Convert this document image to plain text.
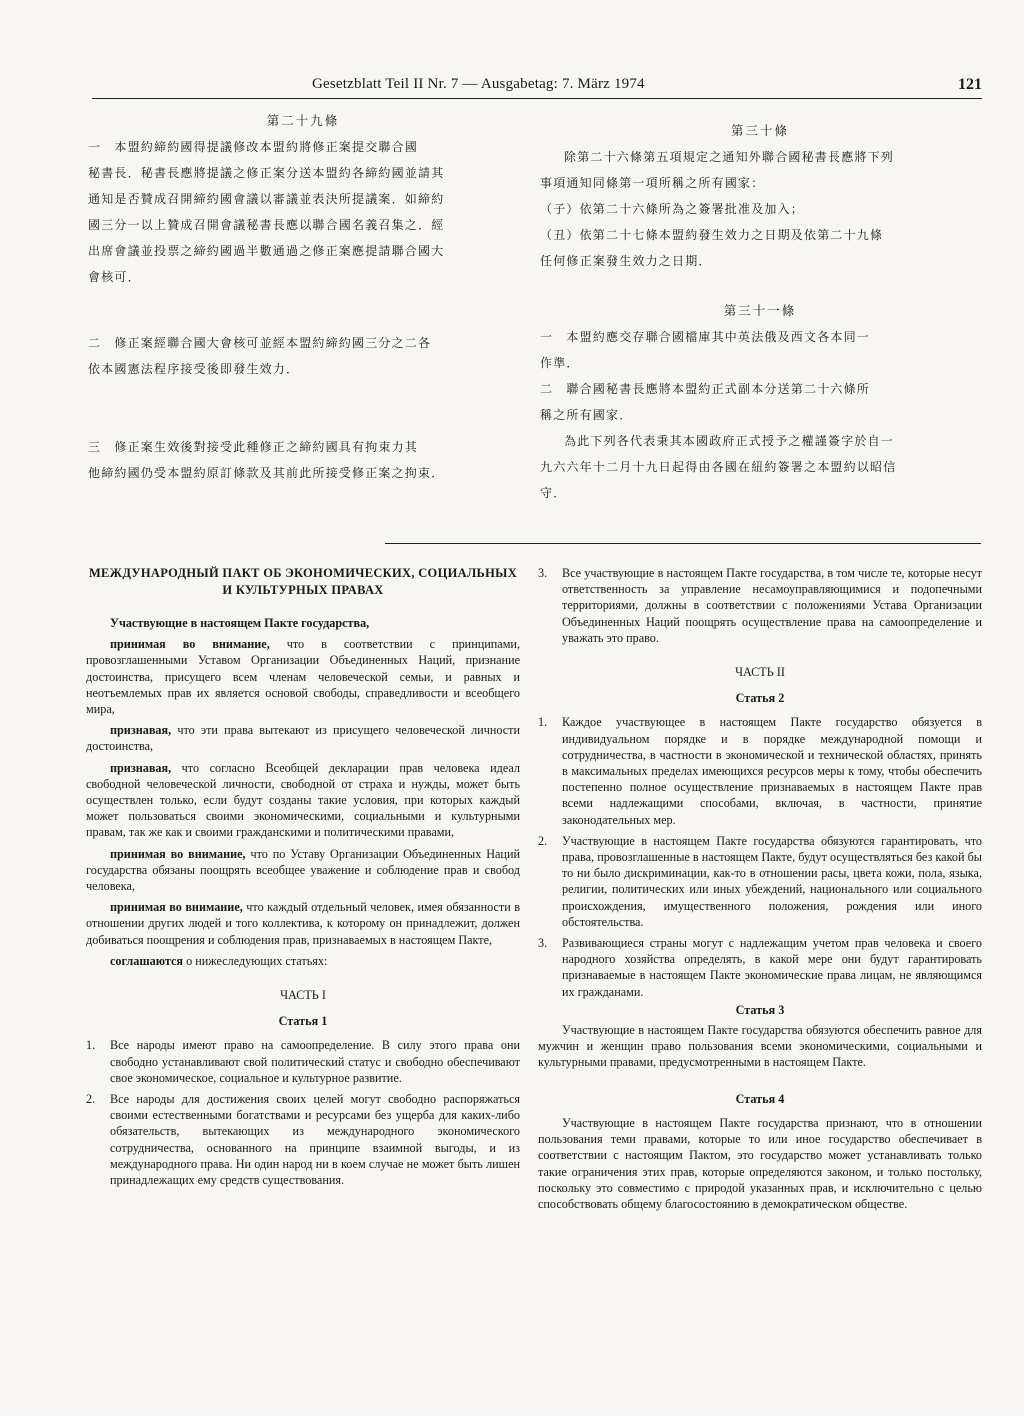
Gesetzblatt Teil II Nr. 7 — Ausgabetag: 7. März 1974	121

第二十九條

一　本盟約締約國得提議修改本盟約將修正案提交聯合國

秘書長．秘書長應將提議之修正案分送本盟約各締約國並請其

通知是否贊成召開締約國會議以審議並表決所提議案．如締約

國三分一以上贊成召開會議秘書長應以聯合國名義召集之．經

出席會議並投票之締約國過半數通過之修正案應提請聯合國大

會核可．

二　修正案經聯合國大會核可並經本盟約締約國三分之二各

依本國憲法程序接受後即發生效力．

三　修正案生效後對接受此種修正之締約國具有拘束力其

他締約國仍受本盟約原訂條款及其前此所接受修正案之拘束．

第三十條

除第二十六條第五項規定之通知外聯合國秘書長應將下列

事項通知同條第一項所稱之所有國家：

（子）依第二十六條所為之簽署批准及加入；

（丑）依第二十七條本盟約發生效力之日期及依第二十九條

任何修正案發生效力之日期．

第三十一條

一　本盟約應交存聯合國檔庫其中英法俄及西文各本同一

作準．

二　聯合國秘書長應將本盟約正式副本分送第二十六條所

稱之所有國家．

為此下列各代表秉其本國政府正式授予之權謹簽字於自一

九六六年十二月十九日起得由各國在紐約簽署之本盟約以昭信

守．

МЕЖДУНАРОДНЫЙ ПАКТ ОБ ЭКОНОМИЧЕСКИХ, СОЦИАЛЬНЫХ И КУЛЬТУРНЫХ ПРАВАХ

Участвующие в настоящем Пакте государства,

принимая во внимание, что в соответствии с принципами, провозглашенными Уставом Организации Объединенных Наций, признание достоинства, присущего всем членам человеческой семьи, и равных и неотъемлемых прав их является основой свободы, справедливости и всеобщего мира,

признавая, что эти права вытекают из присущего человеческой личности достоинства,

признавая, что согласно Всеобщей декларации прав человека идеал свободной человеческой личности, свободной от страха и нужды, может быть осуществлен только, если будут созданы такие условия, при которых каждый может пользоваться своими экономическими, социальными и культурными правам, так же как и своими гражданскими и политическими правами,

принимая во внимание, что по Уставу Организации Объединенных Наций государства обязаны поощрять всеобщее уважение и соблюдение прав и свобод человека,

принимая во внимание, что каждый отдельный человек, имея обязанности в отношении других людей и того коллектива, к которому он принадлежит, должен добиваться поощрения и соблюдения прав, признаваемых в настоящем Пакте,

соглашаются о нижеследующих статьях:

ЧАСТЬ I

Статья 1

1.	Все народы имеют право на самоопределение. В силу этого права они свободно устанавливают свой политический статус и свободно обеспечивают свое экономическое, социальное и культурное развитие.
2.	Все народы для достижения своих целей могут свободно распоряжаться своими естественными богатствами и ресурсами без ущерба для каких-либо обязательств, вытекающих из международного экономического сотрудничества, основанного на принципе взаимной выгоды, и из международного права. Ни один народ ни в коем случае не может быть лишен принадлежащих ему средств существования.
3.	Все участвующие в настоящем Пакте государства, в том числе те, которые несут ответственность за управление несамоуправляющимися и подопечными территориями, должны в соответствии с положениями Устава Организации Объединенных Наций поощрять осуществление права на самоопределение и уважать это право.

ЧАСТЬ II

Статья 2

1.	Каждое участвующее в настоящем Пакте государство обязуется в индивидуальном порядке и в порядке международной помощи и сотрудничества, в частности в экономической и технической областях, принять в максимальных пределах имеющихся ресурсов меры к тому, чтобы обеспечить постепенно полное осуществление признаваемых в настоящем Пакте прав всеми надлежащими способами, включая, в частности, принятие законодательных мер.
2.	Участвующие в настоящем Пакте государства обязуются гарантировать, что права, провозглашенные в настоящем Пакте, будут осуществляться без какой бы то ни было дискриминации, как-то в отношении расы, цвета кожи, пола, языка, религии, политических или иных убеждений, национального или социального происхождения, имущественного положения, рождения или иного обстоятельства.
3.	Развивающиеся страны могут с надлежащим учетом прав человека и своего народного хозяйства определять, в какой мере они будут гарантировать признаваемые в настоящем Пакте экономические права лицам, не являющимся их гражданами.

Статья 3

Участвующие в настоящем Пакте государства обязуются обеспечить равное для мужчин и женщин право пользования всеми экономическими, социальными и культурными правами, предусмотренными в настоящем Пакте.

Статья 4

Участвующие в настоящем Пакте государства признают, что в отношении пользования теми правами, которые то или иное государство обеспечивает в соответствии с настоящим Пактом, это государство может устанавливать только такие ограничения этих прав, которые определяются законом, и только постольку, поскольку это совместимо с природой указанных прав, и исключительно с целью способствовать общему благосостоянию в демократическом обществе.
